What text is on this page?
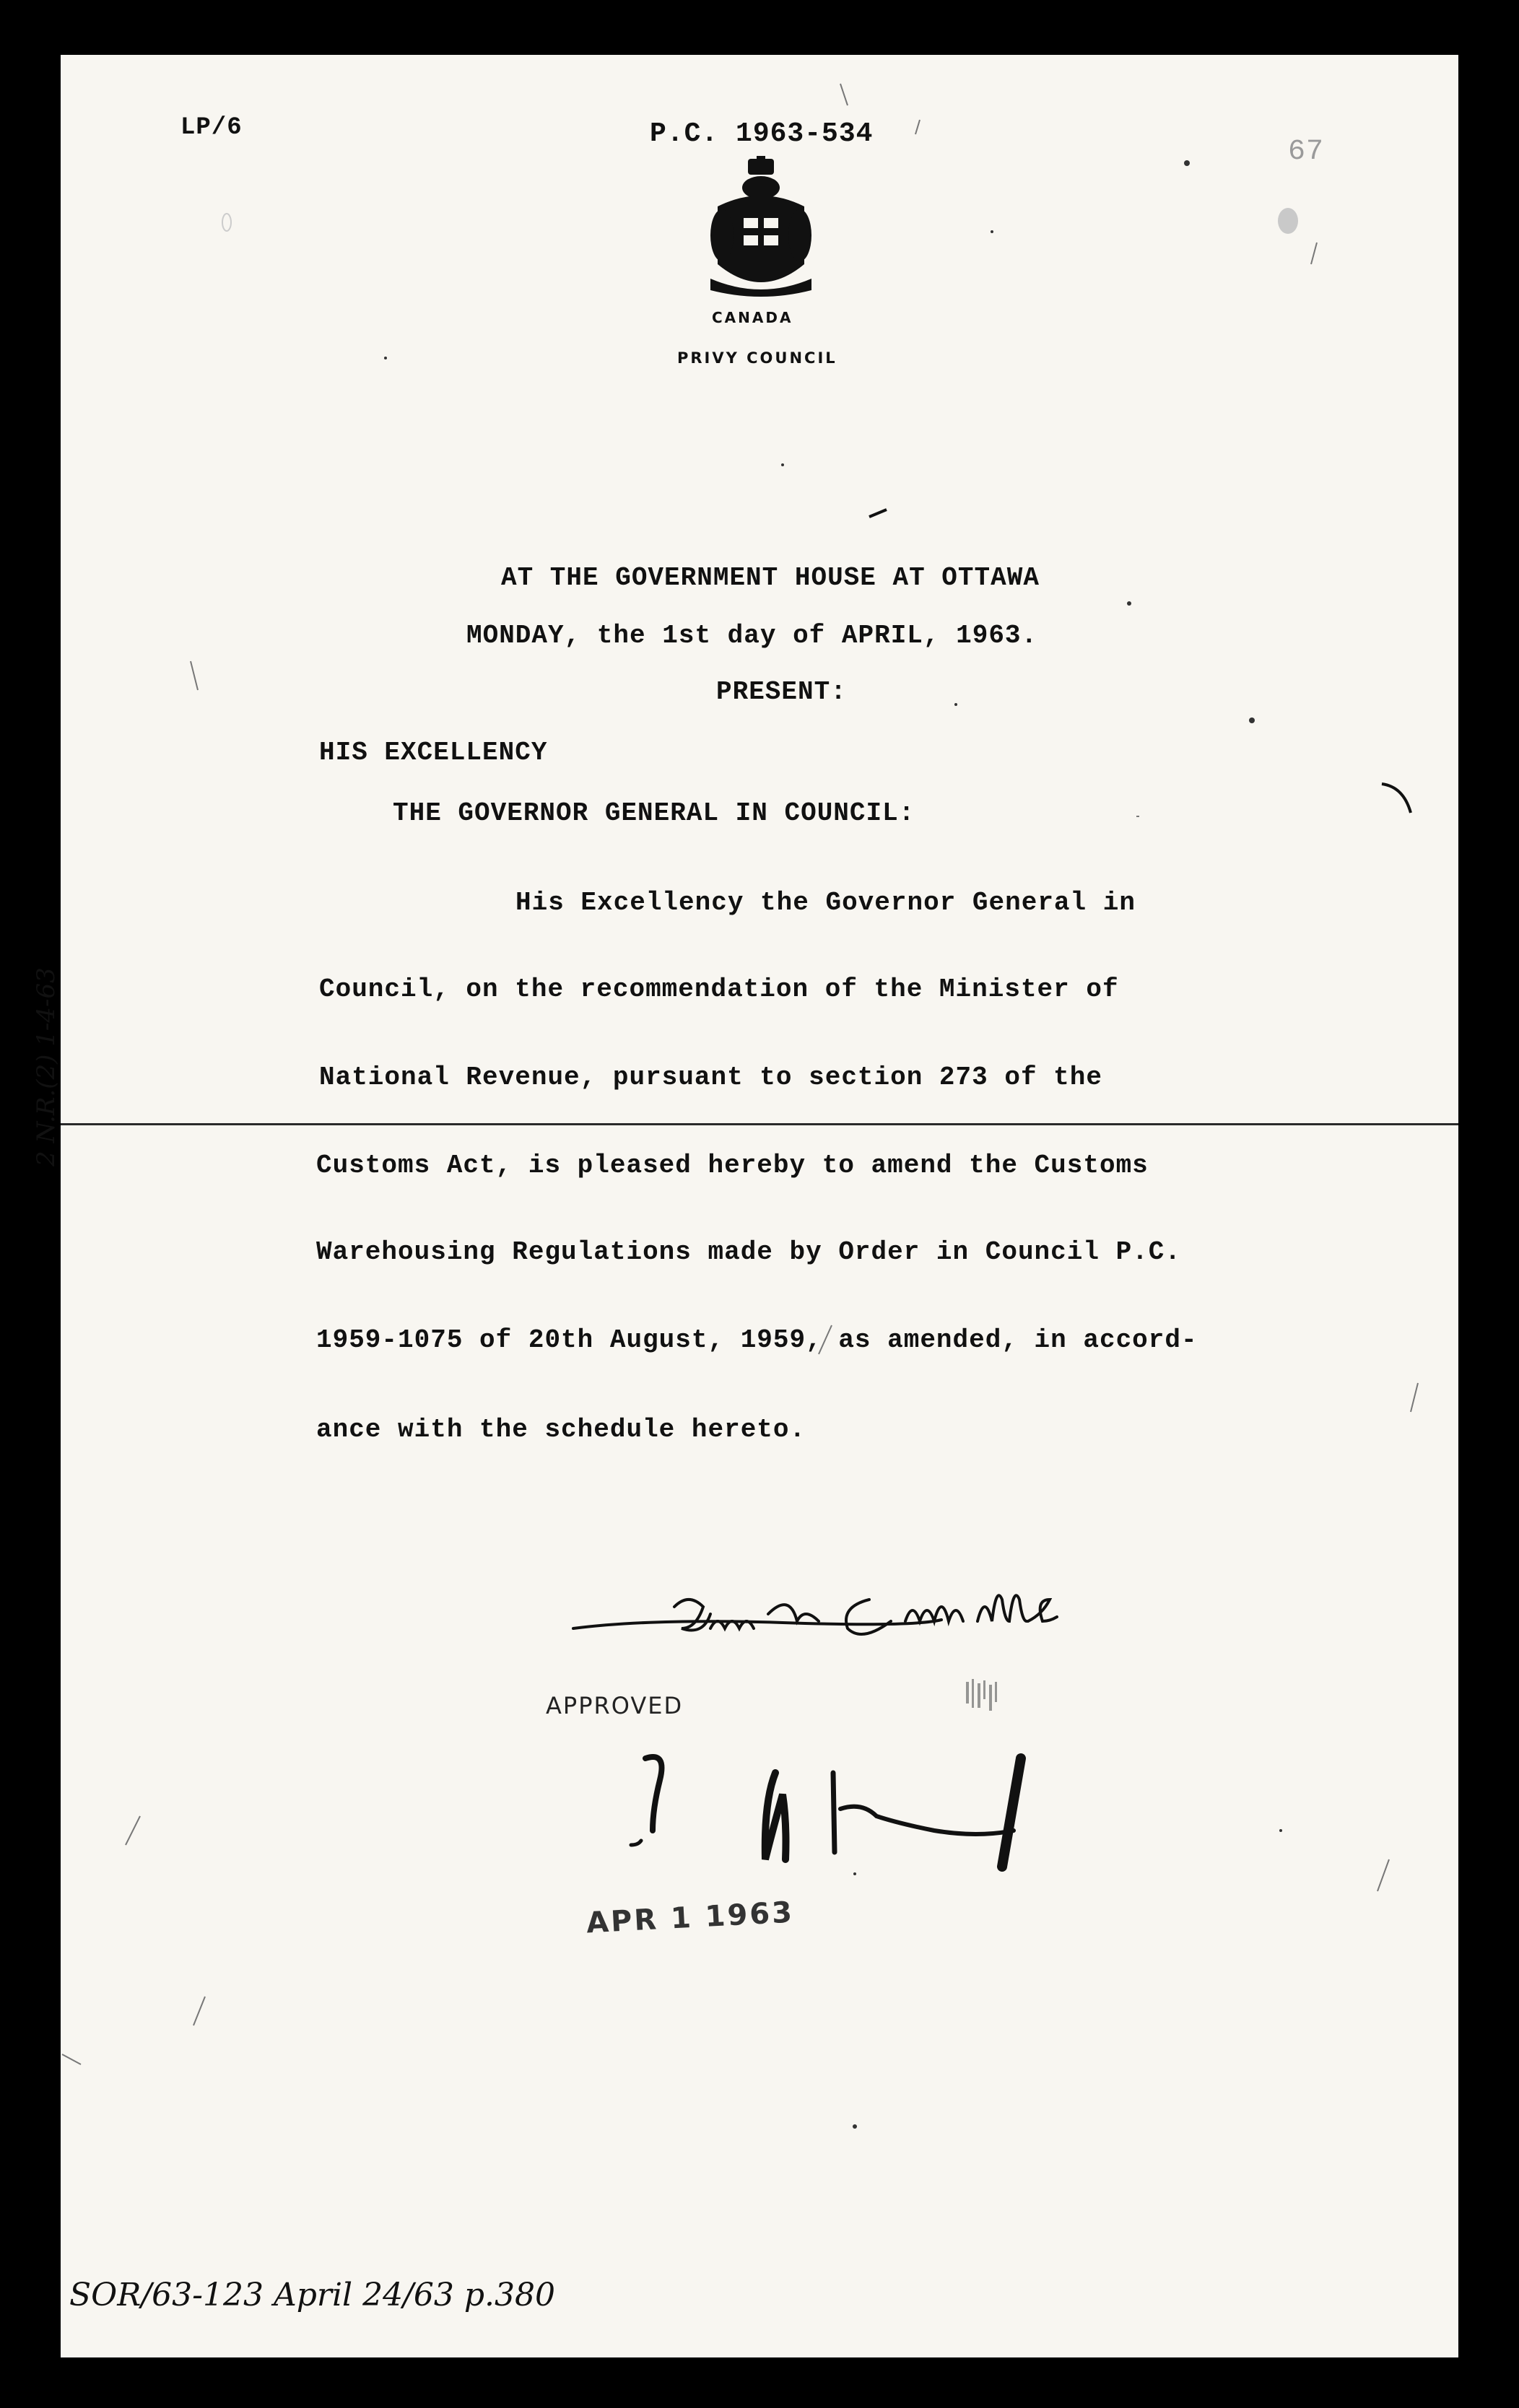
LP/6	P.C. 1963-534
67
CANADA
PRIVY COUNCIL
AT THE GOVERNMENT HOUSE AT OTTAWA
MONDAY, the 1st day of APRIL, 1963.
PRESENT:
HIS EXCELLENCY
THE GOVERNOR GENERAL IN COUNCIL:
His Excellency the Governor General in
Council, on the recommendation of the Minister of
National Revenue, pursuant to section 273 of the
Customs Act, is pleased hereby to amend the Customs
Warehousing Regulations made by Order in Council P.C.
1959-1075 of 20th August, 1959, as amended, in accord-
ance with the schedule hereto.
APPROVED
APR 1 1963
2 N.R.(2) 1-4-63
SOR/63-123 April 24/63 p.380
